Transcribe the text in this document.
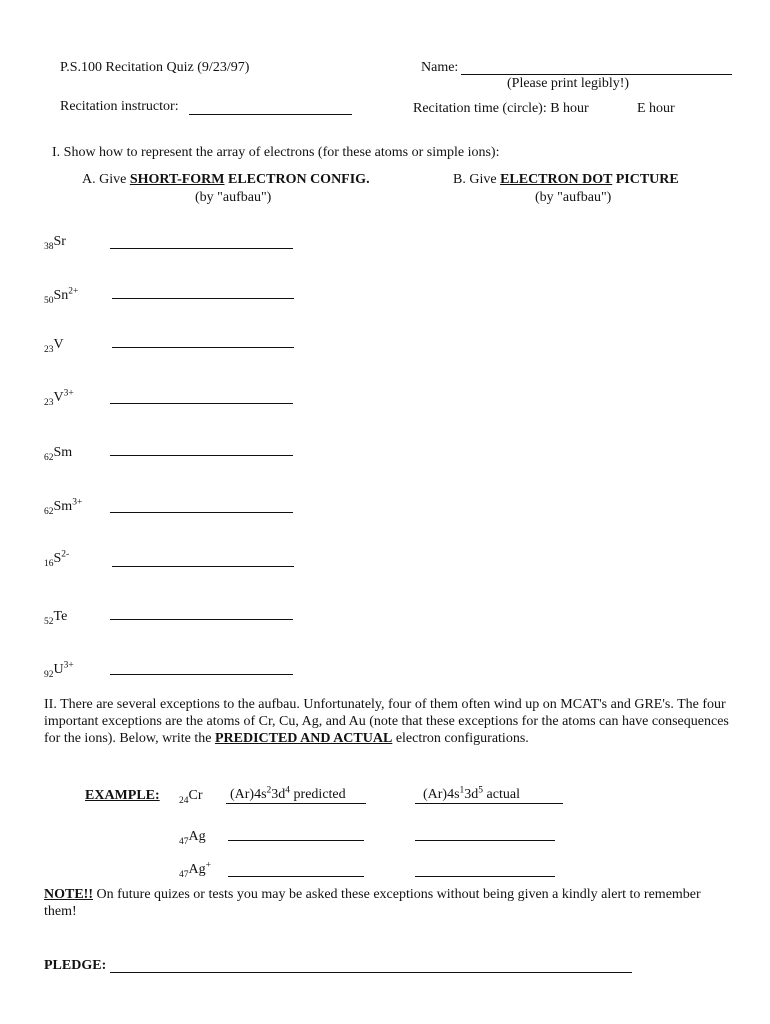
P.S.100 Recitation Quiz (9/23/97)	Name:
(Please print legibly!)
Recitation instructor:	Recitation time (circle): B hour	E hour
I. Show how to represent the array of electrons (for these atoms or simple ions):
A. Give SHORT-FORM ELECTRON CONFIG.
(by "aufbau")
B. Give ELECTRON DOT PICTURE
(by "aufbau")
$_{38}$Sr
$_{50}Sn^{2+}$
$_{23}$V
$_{23}V^{3+}$
$_{62}$Sm
$_{62}Sm^{3+}$
$_{16}S^{2-}$
$_{52}$Te
$_{92}U^{3+}$
II. There are several exceptions to the aufbau. Unfortunately, four of them often wind up on MCAT's and GRE's. The four important exceptions are the atoms of Cr, Cu, Ag, and Au (note that these exceptions for the atoms can have consequences for the ions). Below, write the PREDICTED AND ACTUAL electron configurations.
EXAMPLE: $_{24}$Cr $(Ar)4s^23d^4$ predicted	$(Ar)4s^13d^5$ actual
$_{47}$Ag
$_{47}$Ag+
NOTE!! On future quizes or tests you may be asked these exceptions without being given a kindly alert to remember them!
PLEDGE:
